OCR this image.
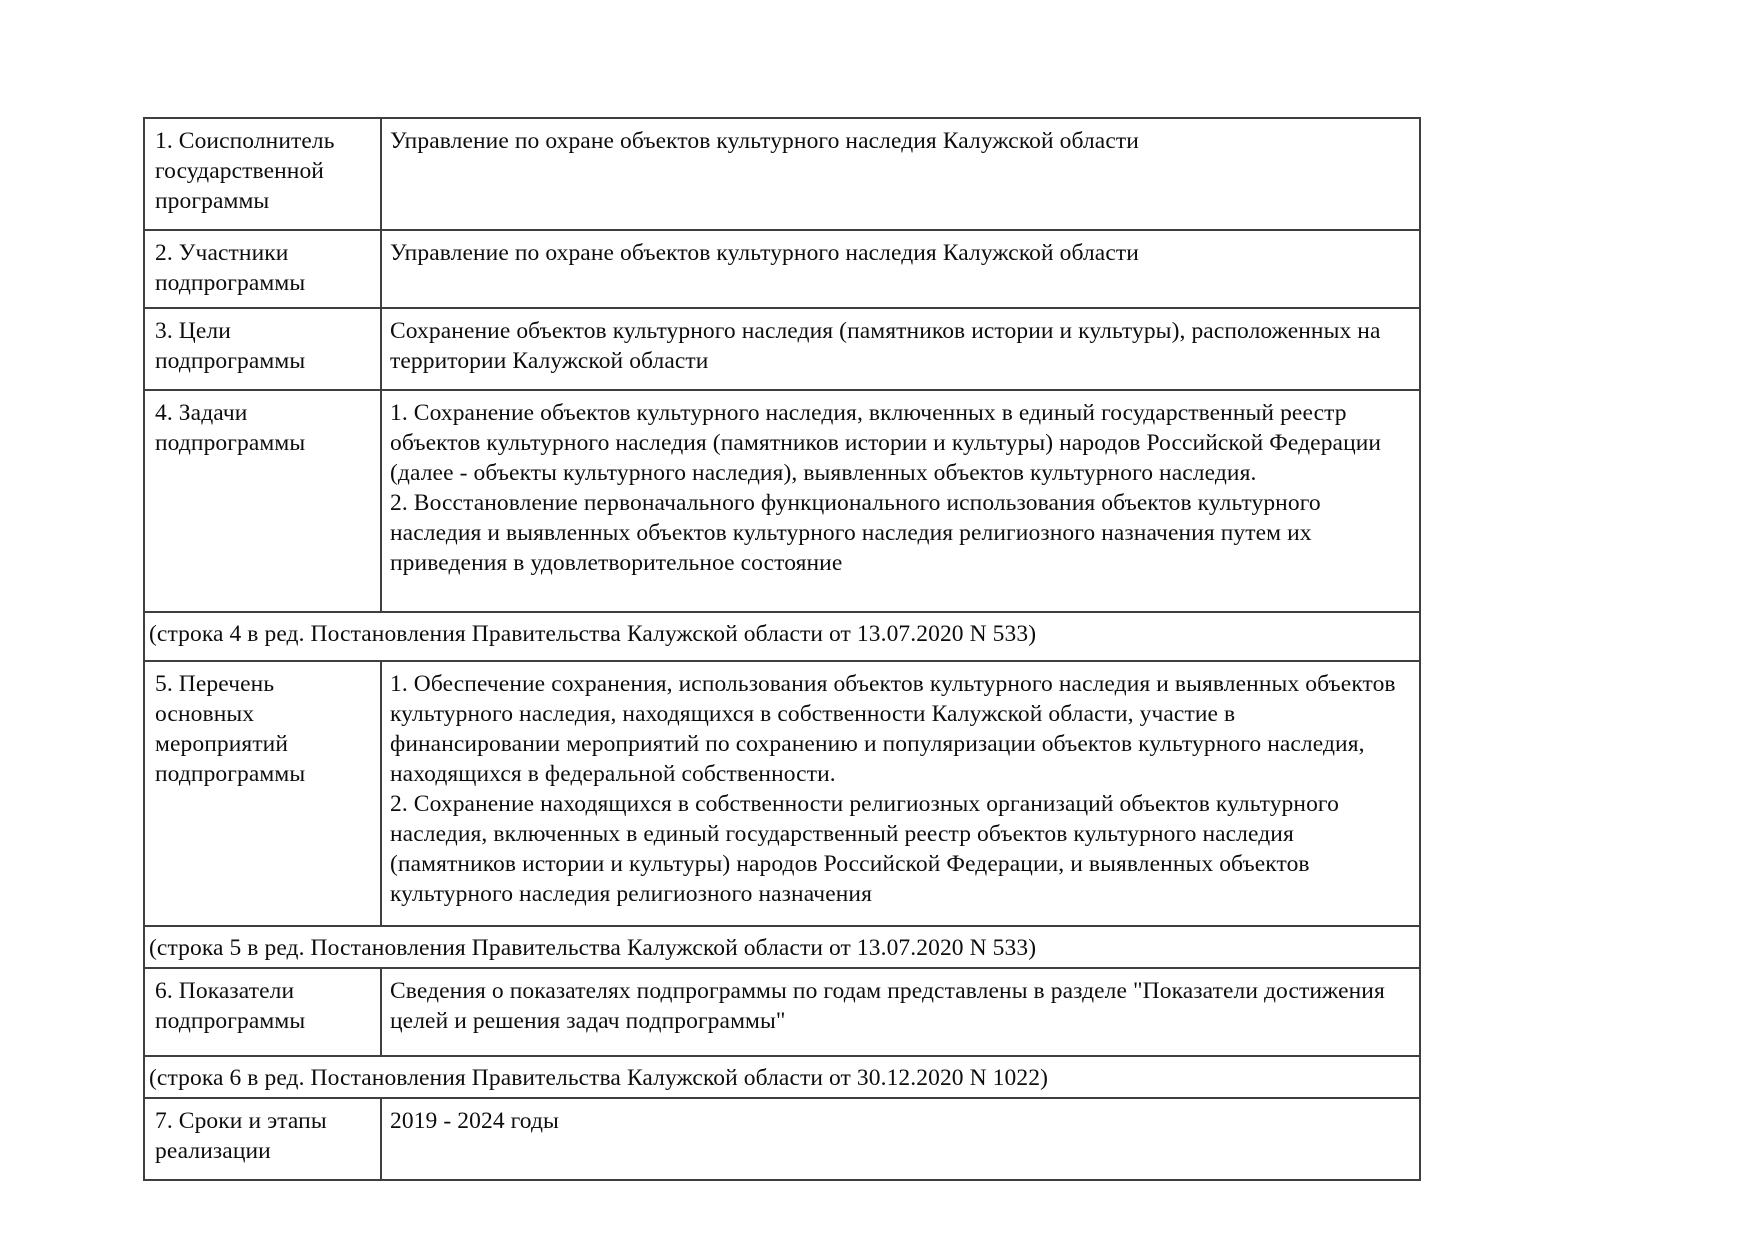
1. Соисполнитель государственной программы	Управление по охране объектов культурного наследия Калужской области

2. Участники подпрограммы	Управление по охране объектов культурного наследия Калужской области

3. Цели подпрограммы	Сохранение объектов культурного наследия (памятников истории и культуры), расположенных на территории Калужской области

4. Задачи подпрограммы	1. Сохранение объектов культурного наследия, включенных в единый государственный реестр объектов культурного наследия (памятников истории и культуры) народов Российской Федерации (далее - объекты культурного наследия), выявленных объектов культурного наследия.
2. Восстановление первоначального функционального использования объектов культурного наследия и выявленных объектов культурного наследия религиозного назначения путем их приведения в удовлетворительное состояние

(строка 4 в ред. Постановления Правительства Калужской области от 13.07.2020 N 533)	
5. Перечень основных мероприятий подпрограммы	1. Обеспечение сохранения, использования объектов культурного наследия и выявленных объектов культурного наследия, находящихся в собственности Калужской области, участие в финансировании мероприятий по сохранению и популяризации объектов культурного наследия, находящихся в федеральной собственности.
2. Сохранение находящихся в собственности религиозных организаций объектов культурного наследия, включенных в единый государственный реестр объектов культурного наследия (памятников истории и культуры) народов Российской Федерации, и выявленных объектов культурного наследия религиозного назначения

(строка 5 в ред. Постановления Правительства Калужской области от 13.07.2020 N 533)	
6. Показатели подпрограммы	Сведения о показателях подпрограммы по годам представлены в разделе "Показатели достижения целей и решения задач подпрограммы"

(строка 6 в ред. Постановления Правительства Калужской области от 30.12.2020 N 1022)	
7. Сроки и этапы реализации	2019 - 2024 годы
